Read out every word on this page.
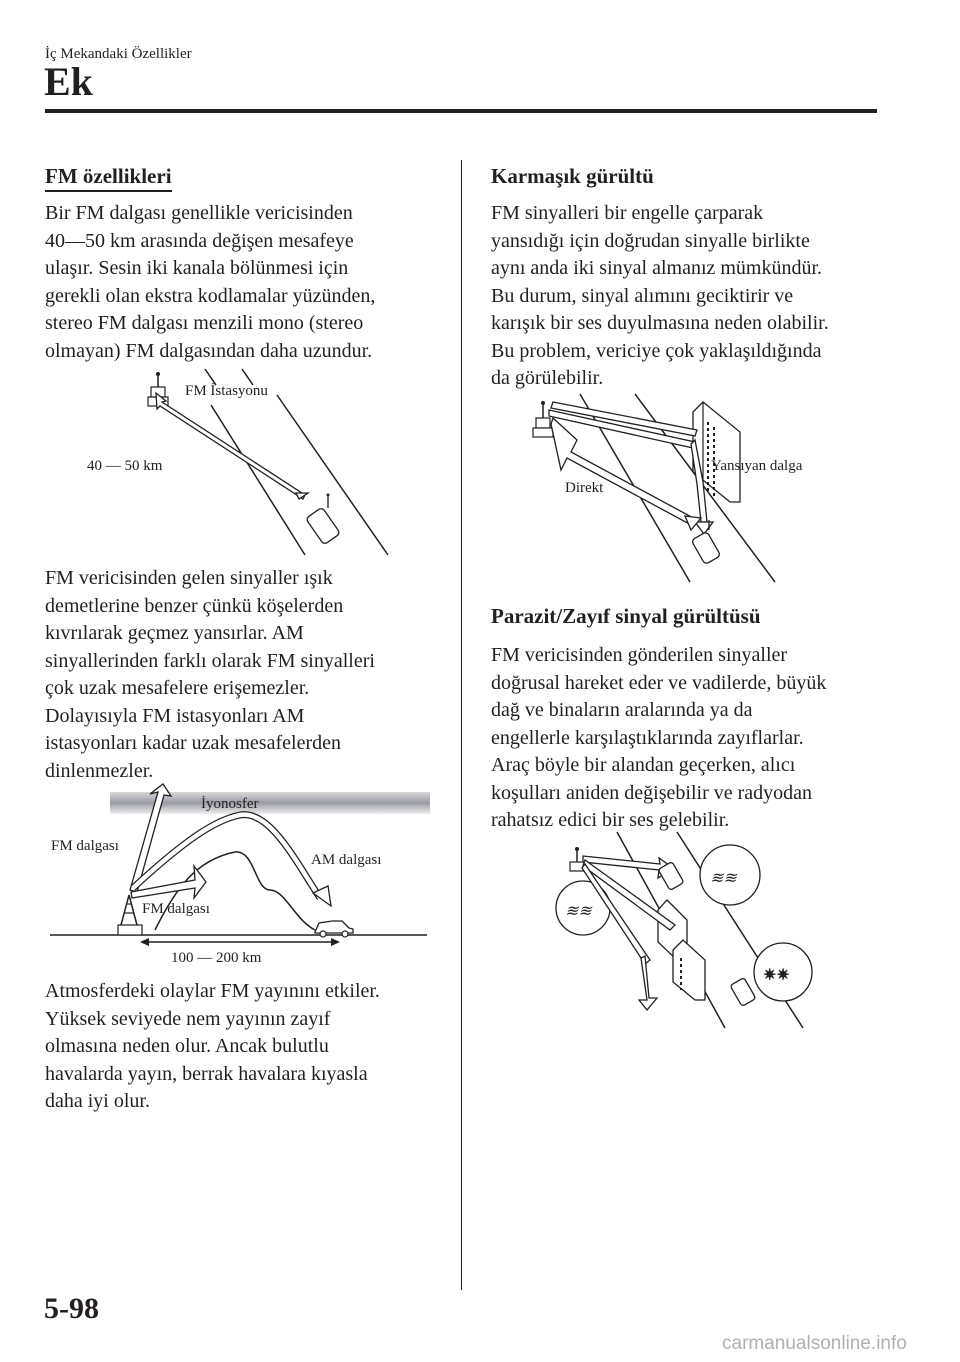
İç Mekandaki Özellikler
Ek
FM özellikleri
Bir FM dalgası genellikle vericisinden
40―50 km arasında değişen mesafeye
ulaşır. Sesin iki kanala bölünmesi için
gerekli olan ekstra kodlamalar yüzünden,
stereo FM dalgası menzili mono (stereo
olmayan) FM dalgasından daha uzundur.
FM İstasyonu
40 — 50 km
FM vericisinden gelen sinyaller ışık
demetlerine benzer çünkü köşelerden
kıvrılarak geçmez yansırlar. AM
sinyallerinden farklı olarak FM sinyalleri
çok uzak mesafelere erişemezler.
Dolayısıyla FM istasyonları AM
istasyonları kadar uzak mesafelerden
dinlenmezler.
İyonosfer
FM dalgası
FM dalgası
AM dalgası
100 — 200 km
Atmosferdeki olaylar FM yayınını etkiler.
Yüksek seviyede nem yayının zayıf
olmasına neden olur. Ancak bulutlu
havalarda yayın, berrak havalara kıyasla
daha iyi olur.
Karmaşık gürültü
FM sinyalleri bir engelle çarparak
yansıdığı için doğrudan sinyalle birlikte
aynı anda iki sinyal almanız mümkündür.
Bu durum, sinyal alımını geciktirir ve
karışık bir ses duyulmasına neden olabilir.
Bu problem, vericiye çok yaklaşıldığında
da görülebilir.
Yansıyan dalga
Direkt
Parazit/Zayıf sinyal gürültüsü
FM vericisinden gönderilen sinyaller
doğrusal hareket eder ve vadilerde, büyük
dağ ve binaların aralarında ya da
engellerle karşılaştıklarında zayıflarlar.
Araç böyle bir alandan geçerken, alıcı
koşulları aniden değişebilir ve radyodan
rahatsız edici bir ses gelebilir.
≋≋
≋≋
✷✷
5-98
carmanualsonline.info
